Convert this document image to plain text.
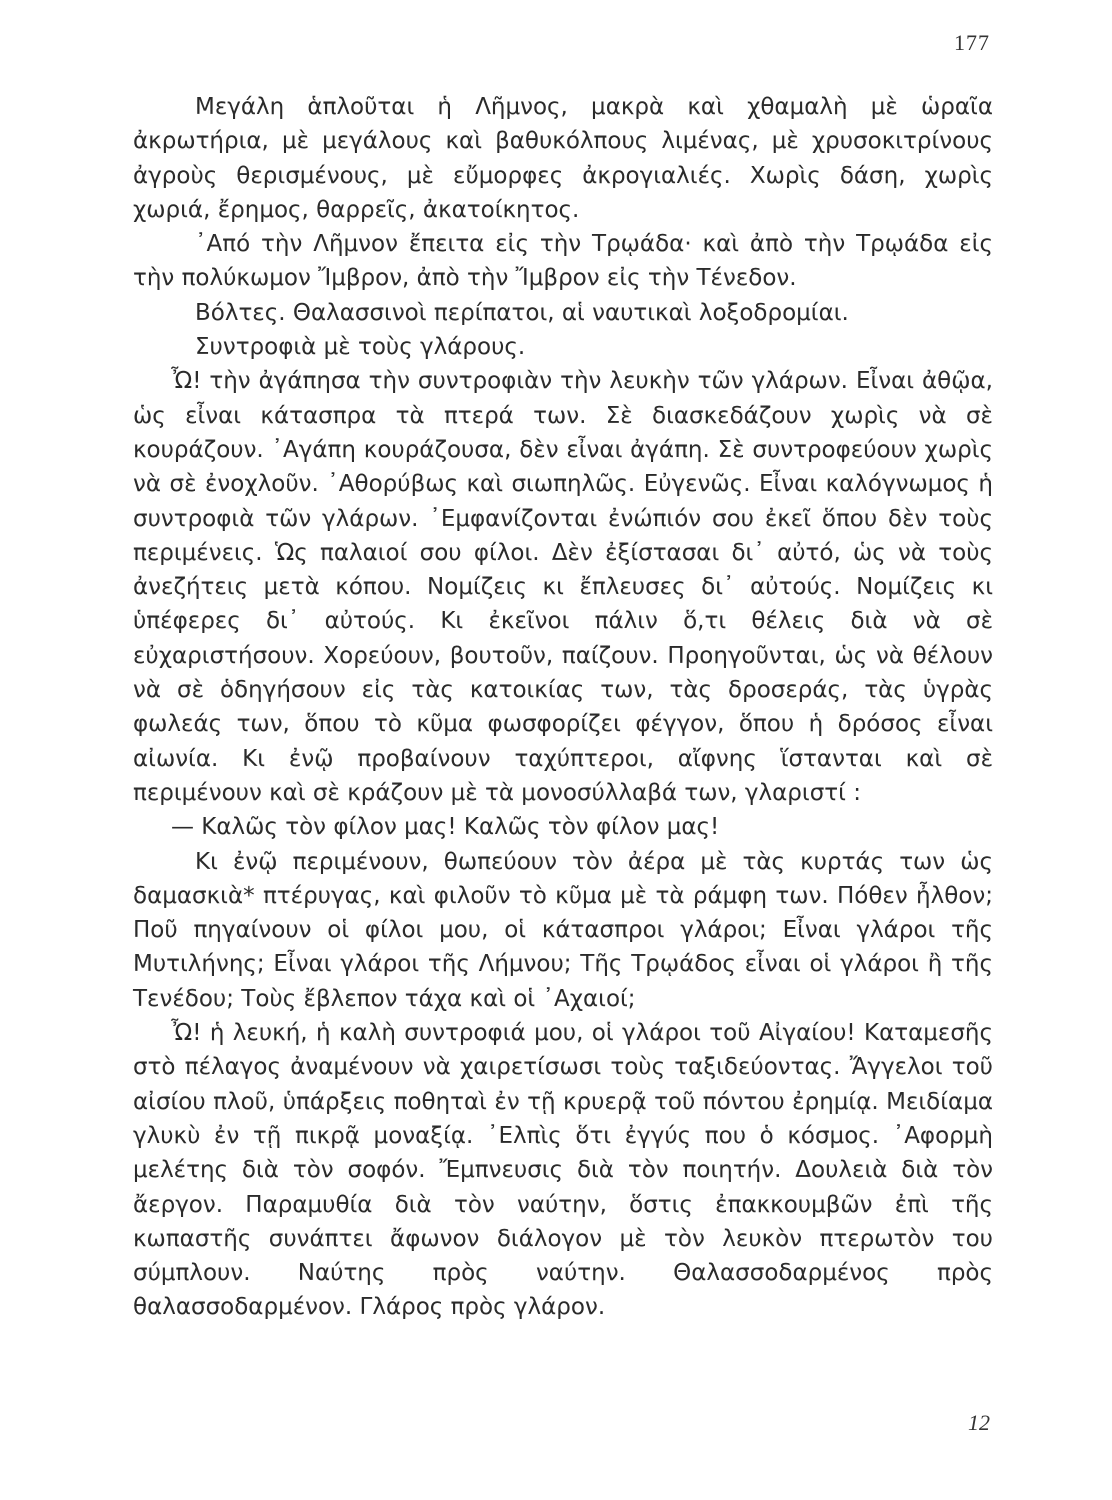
177

Μεγάλη ἁπλοῦται ἡ Λῆμνος, μακρὰ καὶ χθαμαλὴ μὲ ὡραῖα ἀκρωτήρια, μὲ μεγάλους καὶ βαθυκόλπους λιμένας, μὲ χρυσοκιτρίνους ἀγροὺς θερισμένους, μὲ εὔμορφες ἀκρογιαλιές. Χωρὶς δάση, χωρὶς χωριά, ἔρημος, θαρρεῖς, ἀκατοίκητος.

᾿Από τὴν Λῆμνον ἔπειτα εἰς τὴν Τρῳάδα· καὶ ἀπὸ τὴν Τρῳάδα εἰς τὴν πολύκωμον Ἴμβρον, ἀπὸ τὴν Ἴμβρον εἰς τὴν Τένεδον.

Βόλτες. Θαλασσινοὶ περίπατοι, αἱ ναυτικαὶ λοξοδρομίαι.

Συντροφιὰ μὲ τοὺς γλάρους.

Ὦ! τὴν ἀγάπησα τὴν συντροφιὰν τὴν λευκὴν τῶν γλάρων. Εἶναι ἀθῷα, ὡς εἶναι κάτασπρα τὰ πτερά των. Σὲ διασκεδάζουν χωρὶς νὰ σὲ κουράζουν. ᾿Αγάπη κουράζουσα, δὲν εἶναι ἀγάπη. Σὲ συντροφεύουν χωρὶς νὰ σὲ ἐνοχλοῦν. ᾿Αθορύβως καὶ σιωπηλῶς. Εὐγενῶς. Εἶναι καλόγνωμος ἡ συντροφιὰ τῶν γλάρων. ᾿Εμφανίζονται ἐνώπιόν σου ἐκεῖ ὅπου δὲν τοὺς περιμένεις. Ὡς παλαιοί σου φίλοι. Δὲν ἐξίστασαι δι᾿ αὐτό, ὡς νὰ τοὺς ἀνεζήτεις μετὰ κόπου. Νομίζεις κι ἔπλευσες δι᾿ αὐτούς. Νομίζεις κι ὑπέφερες δι᾿ αὐτούς. Κι ἐκεῖνοι πάλιν ὅ,τι θέλεις διὰ νὰ σὲ εὐχαριστήσουν. Χορεύουν, βουτοῦν, παίζουν. Προηγοῦνται, ὡς νὰ θέλουν νὰ σὲ ὁδηγήσουν εἰς τὰς κατοικίας των, τὰς δροσεράς, τὰς ὑγρὰς φωλεάς των, ὅπου τὸ κῦμα φωσφορίζει φέγγον, ὅπου ἡ δρόσος εἶναι αἰωνία. Κι ἐνῷ προβαίνουν ταχύπτεροι, αἴφνης ἵστανται καὶ σὲ περιμένουν καὶ σὲ κράζουν μὲ τὰ μονοσύλλαβά των, γλαριστί :

— Καλῶς τὸν φίλον μας! Καλῶς τὸν φίλον μας!

Κι ἐνῷ περιμένουν, θωπεύουν τὸν ἀέρα μὲ τὰς κυρτάς των ὡς δαμασκιὰ* πτέρυγας, καὶ φιλοῦν τὸ κῦμα μὲ τὰ ράμφη των. Πόθεν ἦλθον; Ποῦ πηγαίνουν οἱ φίλοι μου, οἱ κάτασπροι γλάροι; Εἶναι γλάροι τῆς Μυτιλήνης; Εἶναι γλάροι τῆς Λήμνου; Τῆς Τρῳάδος εἶναι οἱ γλάροι ἢ τῆς Τενέδου; Τοὺς ἔβλεπον τάχα καὶ οἱ ᾿Αχαιοί;

Ὦ! ἡ λευκή, ἡ καλὴ συντροφιά μου, οἱ γλάροι τοῦ Αἰγαίου! Καταμεσῆς στὸ πέλαγος ἀναμένουν νὰ χαιρετίσωσι τοὺς ταξιδεύοντας. Ἄγγελοι τοῦ αἰσίου πλοῦ, ὑπάρξεις ποθηταὶ ἐν τῇ κρυερᾷ τοῦ πόντου ἐρημίᾳ. Μειδίαμα γλυκὺ ἐν τῇ πικρᾷ μοναξίᾳ. ᾿Ελπὶς ὅτι ἐγγύς που ὁ κόσμος. ᾿Αφορμὴ μελέτης διὰ τὸν σοφόν. Ἔμπνευσις διὰ τὸν ποιητήν. Δουλειὰ διὰ τὸν ἄεργον. Παραμυθία διὰ τὸν ναύτην, ὅστις ἐπακκουμβῶν ἐπὶ τῆς κωπαστῆς συνάπτει ἄφωνον διάλογον μὲ τὸν λευκὸν πτερωτὸν του σύμπλουν. Ναύτης πρὸς ναύτην. Θαλασσοδαρμένος πρὸς θαλασσοδαρμένον. Γλάρος πρὸς γλάρον.

12
